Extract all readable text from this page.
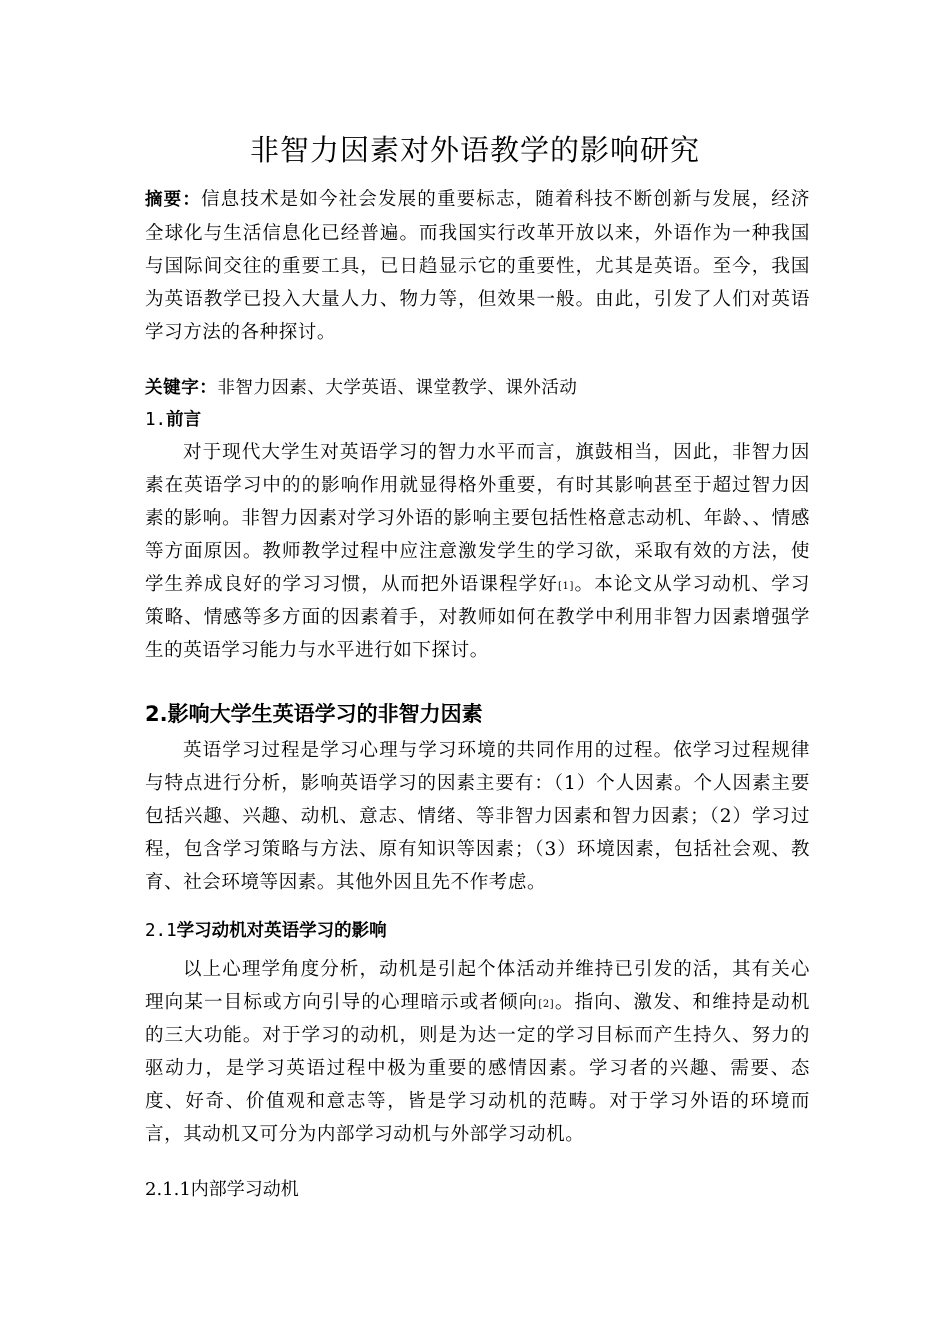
非智力因素对外语教学的影响研究

摘要：信息技术是如今社会发展的重要标志，随着科技不断创新与发展，经济全球化与生活信息化已经普遍。而我国实行改革开放以来，外语作为一种我国与国际间交往的重要工具，已日趋显示它的重要性，尤其是英语。至今，我国为英语教学已投入大量人力、物力等，但效果一般。由此，引发了人们对英语学习方法的各种探讨。

关键字：非智力因素、大学英语、课堂教学、课外活动

1.前言

对于现代大学生对英语学习的智力水平而言，旗鼓相当，因此，非智力因素在英语学习中的的影响作用就显得格外重要，有时其影响甚至于超过智力因素的影响。非智力因素对学习外语的影响主要包括性格意志动机、年龄、、情感等方面原因。教师教学过程中应注意激发学生的学习欲，采取有效的方法，使学生养成良好的学习习惯，从而把外语课程学好[1]。本论文从学习动机、学习策略、情感等多方面的因素着手，对教师如何在教学中利用非智力因素增强学生的英语学习能力与水平进行如下探讨。

2.影响大学生英语学习的非智力因素

英语学习过程是学习心理与学习环境的共同作用的过程。依学习过程规律与特点进行分析，影响英语学习的因素主要有：（1）个人因素。个人因素主要包括兴趣、兴趣、动机、意志、情绪、等非智力因素和智力因素；（2）学习过程，包含学习策略与方法、原有知识等因素；（3）环境因素，包括社会观、教育、社会环境等因素。其他外因且先不作考虑。

2.1学习动机对英语学习的影响

以上心理学角度分析，动机是引起个体活动并维持已引发的活，其有关心理向某一目标或方向引导的心理暗示或者倾向[2]。指向、激发、和维持是动机的三大功能。对于学习的动机，则是为达一定的学习目标而产生持久、努力的驱动力，是学习英语过程中极为重要的感情因素。学习者的兴趣、需要、态度、好奇、价值观和意志等，皆是学习动机的范畴。对于学习外语的环境而言，其动机又可分为内部学习动机与外部学习动机。

2.1.1内部学习动机
